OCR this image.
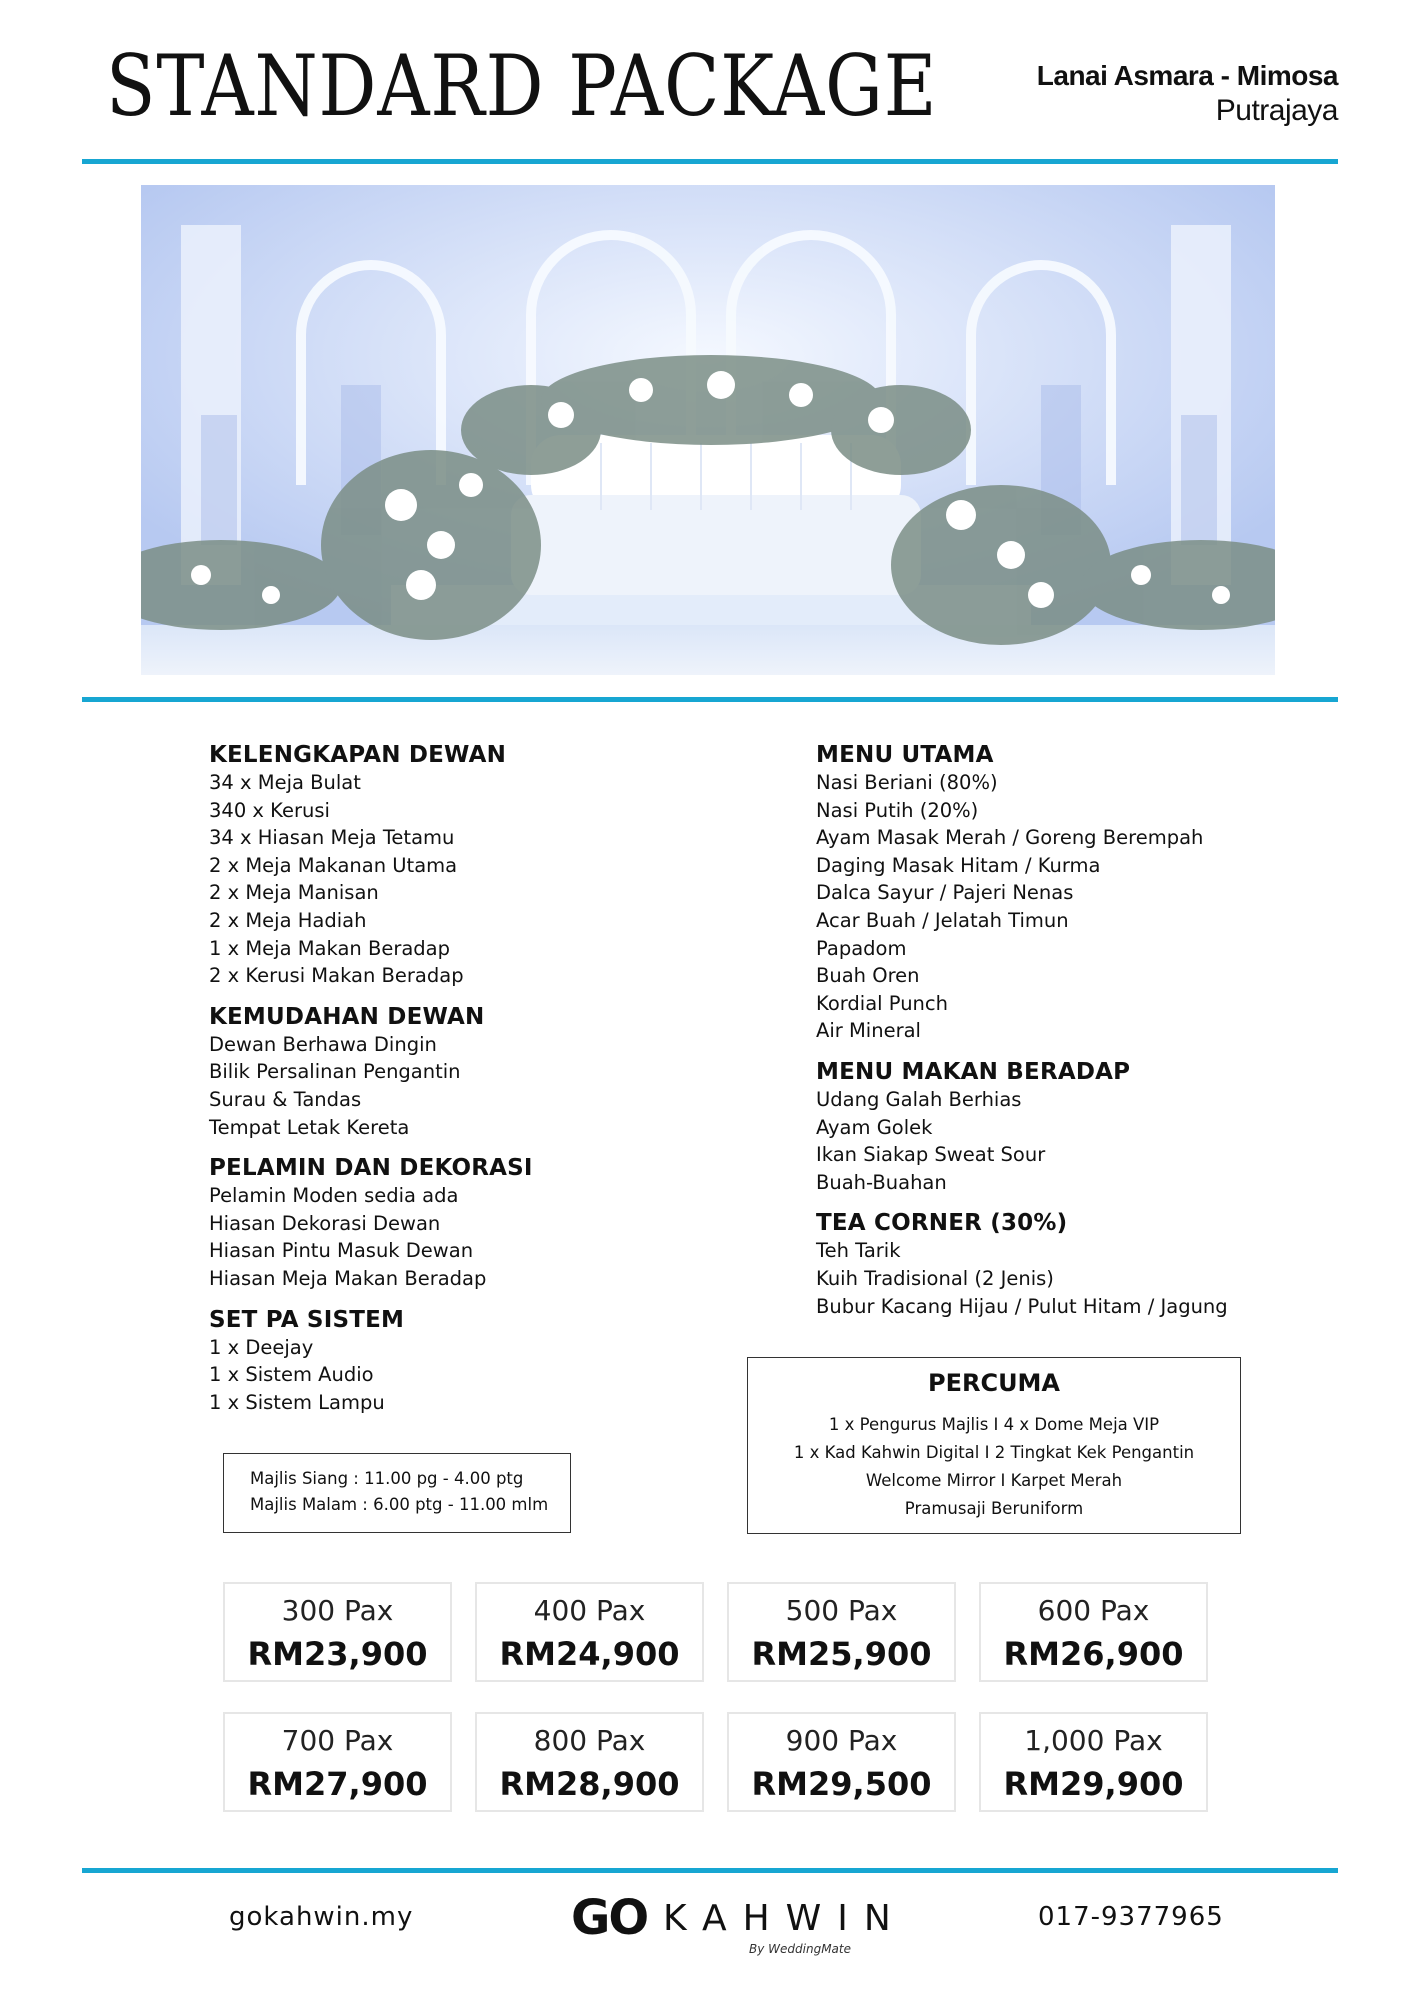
STANDARD PACKAGE	Lanai Asmara - Mimosa
Putrajaya
KELENGKAPAN DEWAN
34 x Meja Bulat
340 x Kerusi
34 x Hiasan Meja Tetamu
2 x Meja Makanan Utama
2 x Meja Manisan
2 x Meja Hadiah
1 x Meja Makan Beradap
2 x Kerusi Makan Beradap
KEMUDAHAN DEWAN
Dewan Berhawa Dingin
Bilik Persalinan Pengantin
Surau & Tandas
Tempat Letak Kereta
PELAMIN DAN DEKORASI
Pelamin Moden sedia ada
Hiasan Dekorasi Dewan
Hiasan Pintu Masuk Dewan
Hiasan Meja Makan Beradap
SET PA SISTEM
1 x Deejay
1 x Sistem Audio
1 x Sistem Lampu
MENU UTAMA
Nasi Beriani (80%)
Nasi Putih (20%)
Ayam Masak Merah / Goreng Berempah
Daging Masak Hitam / Kurma
Dalca Sayur / Pajeri Nenas
Acar Buah / Jelatah Timun
Papadom
Buah Oren
Kordial Punch
Air Mineral
MENU MAKAN BERADAP
Udang Galah Berhias
Ayam Golek
Ikan Siakap Sweat Sour
Buah-Buahan
TEA CORNER (30%)
Teh Tarik
Kuih Tradisional (2 Jenis)
Bubur Kacang Hijau / Pulut Hitam / Jagung
Majlis Siang : 11.00 pg - 4.00 ptg
Majlis Malam : 6.00 ptg - 11.00 mlm
PERCUMA
1 x Pengurus Majlis I 4 x Dome Meja VIP
1 x Kad Kahwin Digital I 2 Tingkat Kek Pengantin
Welcome Mirror I Karpet Merah
Pramusaji Beruniform
300 Pax
RM23,900
400 Pax
RM24,900
500 Pax
RM25,900
600 Pax
RM26,900
700 Pax
RM27,900
800 Pax
RM28,900
900 Pax
RM29,500
1,000 Pax
RM29,900
gokahwin.my	GO KAHWIN
By WeddingMate
017-9377965
